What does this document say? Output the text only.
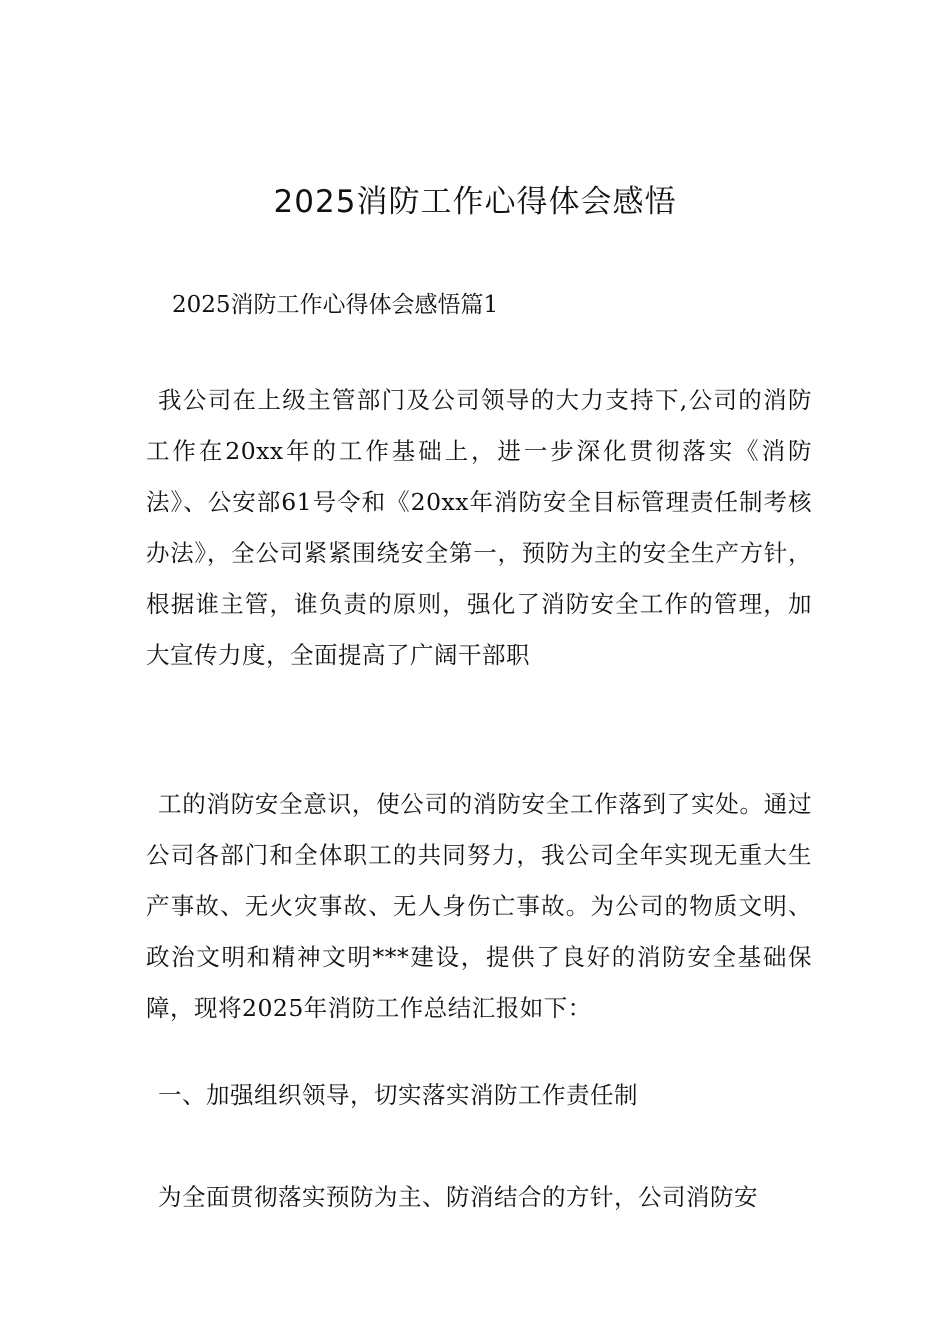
2025消防工作心得体会感悟

2025消防工作心得体会感悟篇1

我公司在上级主管部门及公司领导的大力支持下,公司的消防工作在20xx年的工作基础上，进一步深化贯彻落实《消防法》、公安部61号令和《20xx年消防安全目标管理责任制考核办法》，全公司紧紧围绕安全第一，预防为主的安全生产方针，根据谁主管，谁负责的原则，强化了消防安全工作的管理，加大宣传力度，全面提高了广阔干部职

工的消防安全意识，使公司的消防安全工作落到了实处。通过公司各部门和全体职工的共同努力，我公司全年实现无重大生产事故、无火灾事故、无人身伤亡事故。为公司的物质文明、政治文明和精神文明***建设，提供了良好的消防安全基础保障，现将2025年消防工作总结汇报如下：

一、加强组织领导，切实落实消防工作责任制

为全面贯彻落实预防为主、防消结合的方针，公司消防安
